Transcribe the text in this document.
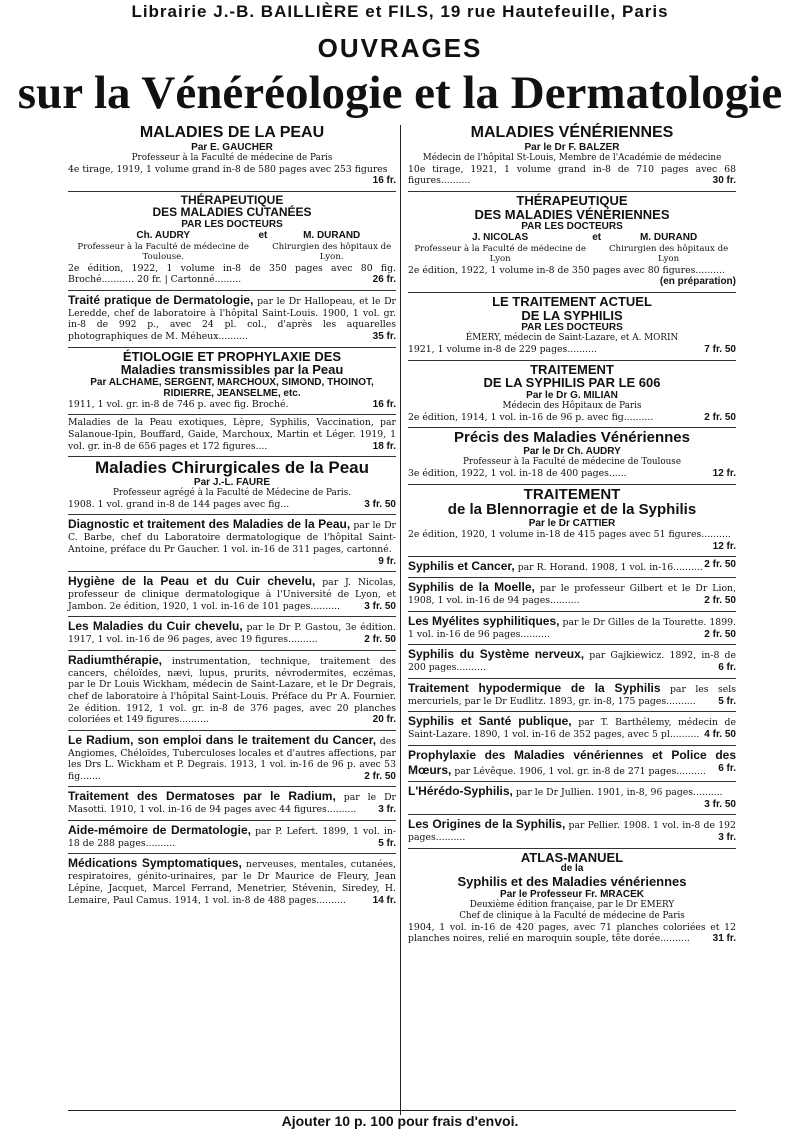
Librairie J.-B. BAILLIÈRE et FILS, 19 rue Hautefeuille, Paris
OUVRAGES
sur la Vénéréologie et la Dermatologie
MALADIES DE LA PEAU
Par E. GAUCHER
Professeur à la Faculté de médecine de Paris
4e tirage, 1919, 1 volume grand in-8 de 580 pages avec 253 figures
16 fr.
THÉRAPEUTIQUE
DES MALADIES CUTANÉES
PAR LES DOCTEURS
Ch. AUDRY
Professeur à la Faculté de médecine de Toulouse.
et	M. DURAND
Chirurgien des hôpitaux de Lyon.
2e édition, 1922, 1 volume in-8 de 350 pages avec 80 fig. Broché........... 20 fr. | Cartonné.........	26 fr.
Traité pratique de Dermatologie, par le Dr Hallopeau, et le Dr Leredde, chef de laboratoire à l'hôpital Saint-Louis. 1900, 1 vol. gr. in-8 de 992 p., avec 24 pl. col., d'après les aquarelles photographiques de M. Méheux..........	35 fr.
ÉTIOLOGIE ET PROPHYLAXIE DES
Maladies transmissibles par la Peau
Par ALCHAME, SERGENT, MARCHOUX, SIMOND, THOINOT, RIDIERRE, JEANSELME, etc.
1911, 1 vol. gr. in-8 de 746 p. avec fig. Broché.	16 fr.
Maladies de la Peau exotiques, Lèpre, Syphilis, Vaccination, par Salanoue-Ipin, Bouffard, Gaide, Marchoux, Martin et Léger. 1919, 1 vol. gr. in-8 de 656 pages et 172 figures....	18 fr.
Maladies Chirurgicales de la Peau
Par J.-L. FAURE
Professeur agrégé à la Faculté de Médecine de Paris.
1908. 1 vol. grand in-8 de 144 pages avec fig...	3 fr. 50
Diagnostic et traitement des Maladies de la Peau, par le Dr C. Barbe, chef du Laboratoire dermatologique de l'hôpital Saint-Antoine, préface du Pr Gaucher. 1 vol. in-16 de 311 pages, cartonné.
9 fr.
Hygiène de la Peau et du Cuir chevelu, par J. Nicolas, professeur de clinique dermatologique à l'Université de Lyon, et Jambon. 2e édition, 1920, 1 vol. in-16 de 101 pages.......... 3 fr. 50
Les Maladies du Cuir chevelu, par le Dr P. Gastou, 3e édition. 1917, 1 vol. in-16 de 96 pages, avec 19 figures..........	2 fr. 50
Radiumthérapie, instrumentation, technique, traitement des cancers, chéloïdes, nævi, lupus, prurits, névrodermites, eczémas, par le Dr Louis Wickham, médecin de Saint-Lazare, et le Dr Degrais, chef de laboratoire à l'hôpital Saint-Louis. Préface du Pr A. Fournier. 2e édition. 1912, 1 vol. gr. in-8 de 376 pages, avec 20 planches coloriées et 149 figures..........	20 fr.
Le Radium, son emploi dans le traitement du Cancer, des Angiomes, Chéloïdes, Tuberculoses locales et d'autres affections, par les Drs L. Wickham et P. Degrais. 1913, 1 vol. in-16 de 96 p. avec 53 fig.......	2 fr. 50
Traitement des Dermatoses par le Radium, par le Dr Masotti. 1910, 1 vol. in-16 de 94 pages avec 44 figures.......... 3 fr.
Aide-mémoire de Dermatologie, par P. Lefert. 1899, 1 vol. in-18 de 288 pages..........	5 fr.
Médications Symptomatiques, nerveuses, mentales, cutanées, respiratoires, génito-urinaires, par le Dr Maurice de Fleury, Jean Lépine, Jacquet, Marcel Ferrand, Menetrier, Stévenin, Siredey, H. Lemaire, Paul Camus. 1914, 1 vol. in-8 de 488 pages..........	14 fr.
MALADIES VÉNÉRIENNES
Par le Dr F. BALZER
Médecin de l'hôpital St-Louis, Membre de l'Académie de médecine
10e tirage, 1921, 1 volume grand in-8 de 710 pages avec 68 figures..........	30 fr.
THÉRAPEUTIQUE
DES MALADIES VÉNÉRIENNES
PAR LES DOCTEURS
J. NICOLAS
Professeur à la Faculté de médecine de Lyon
et	M. DURAND
Chirurgien des hôpitaux de Lyon
2e édition, 1922, 1 volume in-8 de 350 pages avec 80 figures..........
(en préparation)
LE TRAITEMENT ACTUEL
DE LA SYPHILIS
PAR LES DOCTEURS
ÉMERY, médecin de Saint-Lazare, et A. MORIN
1921, 1 volume in-8 de 229 pages..........	7 fr. 50
TRAITEMENT
DE LA SYPHILIS PAR LE 606
Par le Dr G. MILIAN
Médecin des Hôpitaux de Paris
2e édition, 1914, 1 vol. in-16 de 96 p. avec fig..........	2 fr. 50
Précis des Maladies Vénériennes
Par le Dr Ch. AUDRY
Professeur à la Faculté de médecine de Toulouse
3e édition, 1922, 1 vol. in-18 de 400 pages......	12 fr.
TRAITEMENT
de la Blennorragie et de la Syphilis
Par le Dr CATTIER
2e édition, 1920, 1 volume in-18 de 415 pages avec 51 figures..........
12 fr.
Syphilis et Cancer, par R. Horand. 1908, 1 vol. in-16.......... 2 fr. 50
Syphilis de la Moelle, par le professeur Gilbert et le Dr Lion, 1908, 1 vol. in-16 de 94 pages..........	2 fr. 50
Les Myélites syphilitiques, par le Dr Gilles de la Tourette. 1899. 1 vol. in-16 de 96 pages..........	2 fr. 50
Syphilis du Système nerveux, par Gajkiewicz. 1892, in-8 de 200 pages..........	6 fr.
Traitement hypodermique de la Syphilis par les sels mercuriels, par le Dr Eudlitz. 1893, gr. in-8, 175 pages.......... 5 fr.
Syphilis et Santé publique, par T. Barthélemy, médecin de Saint-Lazare. 1890, 1 vol. in-16 de 352 pages, avec 5 pl.......... 4 fr. 50
Prophylaxie des Maladies vénériennes et Police des Mœurs, par Lévêque. 1906, 1 vol. gr. in-8 de 271 pages.......... 6 fr.
L'Hérédo-Syphilis, par le Dr Jullien. 1901, in-8, 96 pages..........
3 fr. 50
Les Origines de la Syphilis, par Pellier. 1908. 1 vol. in-8 de 192 pages..........	3 fr.
ATLAS-MANUEL
de la
Syphilis et des Maladies vénériennes
Par le Professeur Fr. MRACEK
Deuxième édition française, par le Dr EMERY
Chef de clinique à la Faculté de médecine de Paris
1904, 1 vol. in-16 de 420 pages, avec 71 planches coloriées et 12 planches noires, relié en maroquin souple, tête dorée.......... 31 fr.
Ajouter 10 p. 100 pour frais d'envoi.
